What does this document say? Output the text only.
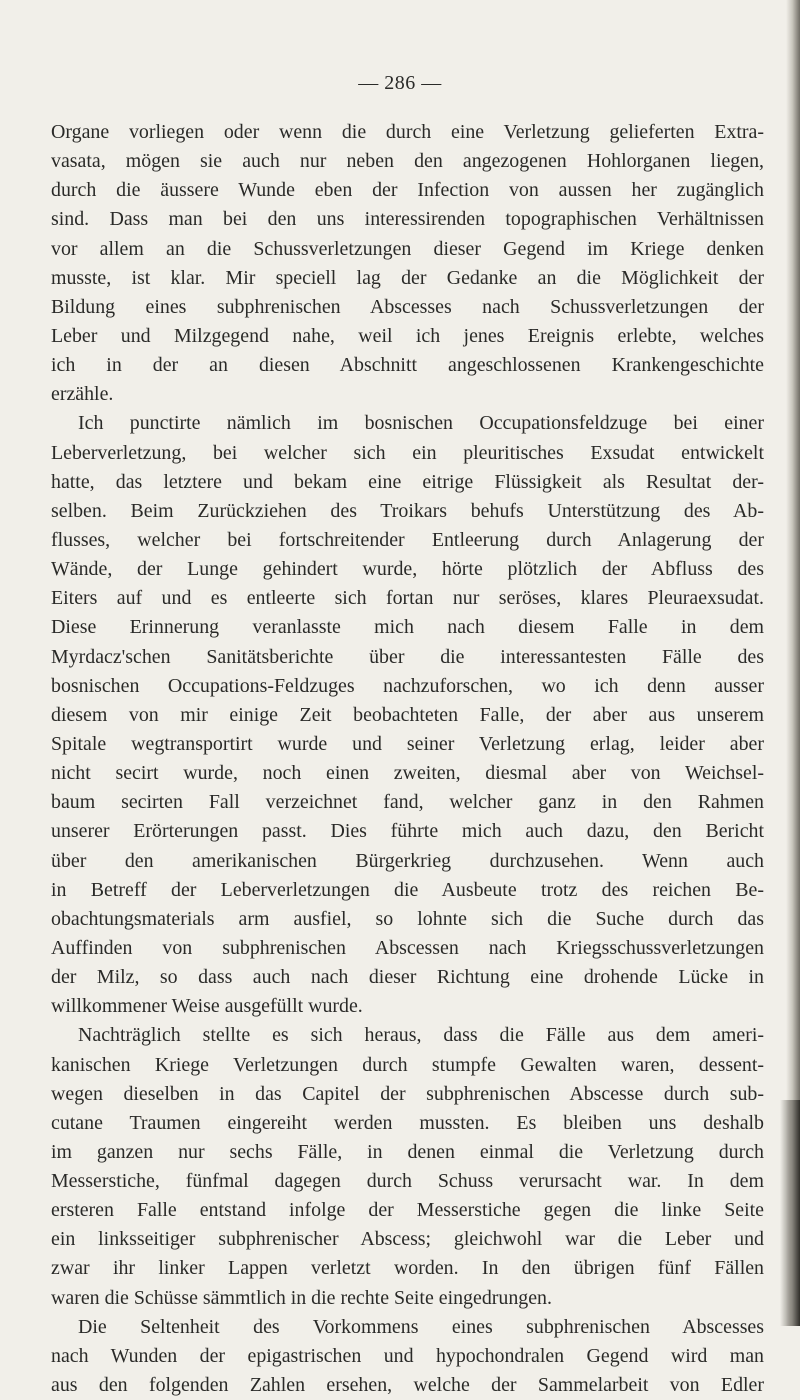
— 286 —
Organe vorliegen oder wenn die durch eine Verletzung gelieferten Extra-
vasata, mögen sie auch nur neben den angezogenen Hohlorganen liegen,
durch die äussere Wunde eben der Infection von aussen her zugänglich
sind. Dass man bei den uns interessirenden topographischen Verhältnissen
vor allem an die Schussverletzungen dieser Gegend im Kriege denken
musste, ist klar. Mir speciell lag der Gedanke an die Möglichkeit der
Bildung eines subphrenischen Abscesses nach Schussverletzungen der
Leber und Milzgegend nahe, weil ich jenes Ereignis erlebte, welches
ich in der an diesen Abschnitt angeschlossenen Krankengeschichte
erzähle.
Ich punctirte nämlich im bosnischen Occupationsfeldzuge bei einer
Leberverletzung, bei welcher sich ein pleuritisches Exsudat entwickelt
hatte, das letztere und bekam eine eitrige Flüssigkeit als Resultat der-
selben. Beim Zurückziehen des Troikars behufs Unterstützung des Ab-
flusses, welcher bei fortschreitender Entleerung durch Anlagerung der
Wände, der Lunge gehindert wurde, hörte plötzlich der Abfluss des
Eiters auf und es entleerte sich fortan nur seröses, klares Pleuraexsudat.
Diese Erinnerung veranlasste mich nach diesem Falle in dem
Myrdacz'schen Sanitätsberichte über die interessantesten Fälle des
bosnischen Occupations-Feldzuges nachzuforschen, wo ich denn ausser
diesem von mir einige Zeit beobachteten Falle, der aber aus unserem
Spitale wegtransportirt wurde und seiner Verletzung erlag, leider aber
nicht secirt wurde, noch einen zweiten, diesmal aber von Weichsel-
baum secirten Fall verzeichnet fand, welcher ganz in den Rahmen
unserer Erörterungen passt. Dies führte mich auch dazu, den Bericht
über den amerikanischen Bürgerkrieg durchzusehen. Wenn auch
in Betreff der Leberverletzungen die Ausbeute trotz des reichen Be-
obachtungsmaterials arm ausfiel, so lohnte sich die Suche durch das
Auffinden von subphrenischen Abscessen nach Kriegsschussverletzungen
der Milz, so dass auch nach dieser Richtung eine drohende Lücke in
willkommener Weise ausgefüllt wurde.
Nachträglich stellte es sich heraus, dass die Fälle aus dem ameri-
kanischen Kriege Verletzungen durch stumpfe Gewalten waren, dessent-
wegen dieselben in das Capitel der subphrenischen Abscesse durch sub-
cutane Traumen eingereiht werden mussten. Es bleiben uns deshalb
im ganzen nur sechs Fälle, in denen einmal die Verletzung durch
Messerstiche, fünfmal dagegen durch Schuss verursacht war. In dem
ersteren Falle entstand infolge der Messerstiche gegen die linke Seite
ein linksseitiger subphrenischer Abscess; gleichwohl war die Leber und
zwar ihr linker Lappen verletzt worden. In den übrigen fünf Fällen
waren die Schüsse sämmtlich in die rechte Seite eingedrungen.
Die Seltenheit des Vorkommens eines subphrenischen Abscesses
nach Wunden der epigastrischen und hypochondralen Gegend wird man
aus den folgenden Zahlen ersehen, welche der Sammelarbeit von Edler
